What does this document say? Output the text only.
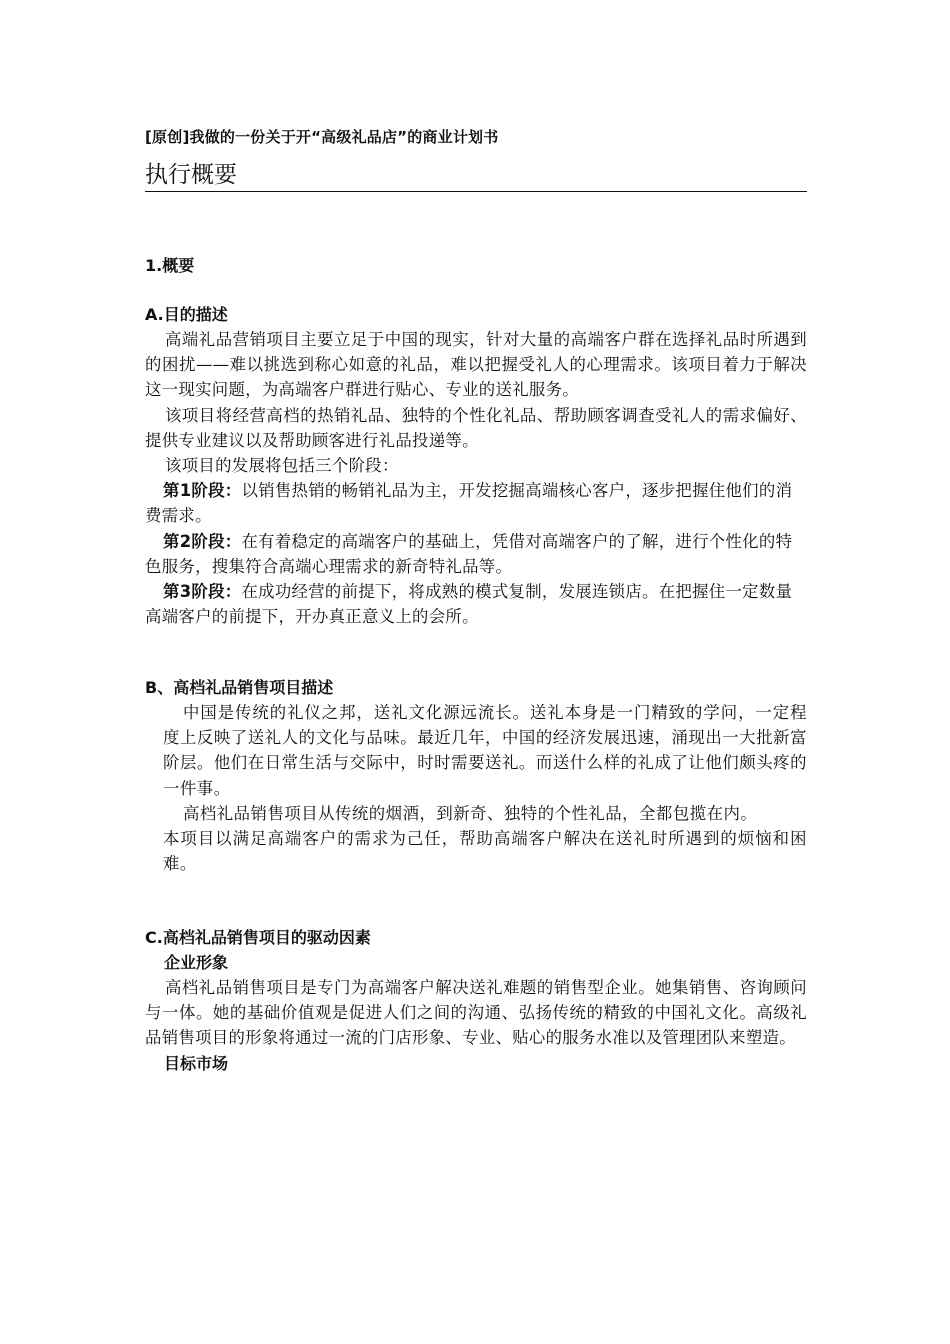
[原创]我做的一份关于开“高级礼品店”的商业计划书
执行概要
1.概要
A.目的描述

高端礼品营销项目主要立足于中国的现实，针对大量的高端客户群在选择礼品时所遇到的困扰——难以挑选到称心如意的礼品，难以把握受礼人的心理需求。该项目着力于解决这一现实问题，为高端客户群进行贴心、专业的送礼服务。

该项目将经营高档的热销礼品、独特的个性化礼品、帮助顾客调查受礼人的需求偏好、提供专业建议以及帮助顾客进行礼品投递等。

该项目的发展将包括三个阶段：

第1阶段：以销售热销的畅销礼品为主，开发挖掘高端核心客户，逐步把握住他们的消费需求。

第2阶段：在有着稳定的高端客户的基础上，凭借对高端客户的了解，进行个性化的特色服务，搜集符合高端心理需求的新奇特礼品等。

第3阶段：在成功经营的前提下，将成熟的模式复制，发展连锁店。在把握住一定数量高端客户的前提下，开办真正意义上的会所。

B、高档礼品销售项目描述

中国是传统的礼仪之邦，送礼文化源远流长。送礼本身是一门精致的学问，一定程度上反映了送礼人的文化与品味。最近几年，中国的经济发展迅速，涌现出一大批新富阶层。他们在日常生活与交际中，时时需要送礼。而送什么样的礼成了让他们颇头疼的一件事。

高档礼品销售项目从传统的烟酒，到新奇、独特的个性礼品，全都包揽在内。

本项目以满足高端客户的需求为己任，帮助高端客户解决在送礼时所遇到的烦恼和困难。

C.高档礼品销售项目的驱动因素
企业形象

高档礼品销售项目是专门为高端客户解决送礼难题的销售型企业。她集销售、咨询顾问与一体。她的基础价值观是促进人们之间的沟通、弘扬传统的精致的中国礼文化。高级礼品销售项目的形象将通过一流的门店形象、专业、贴心的服务水准以及管理团队来塑造。

目标市场
